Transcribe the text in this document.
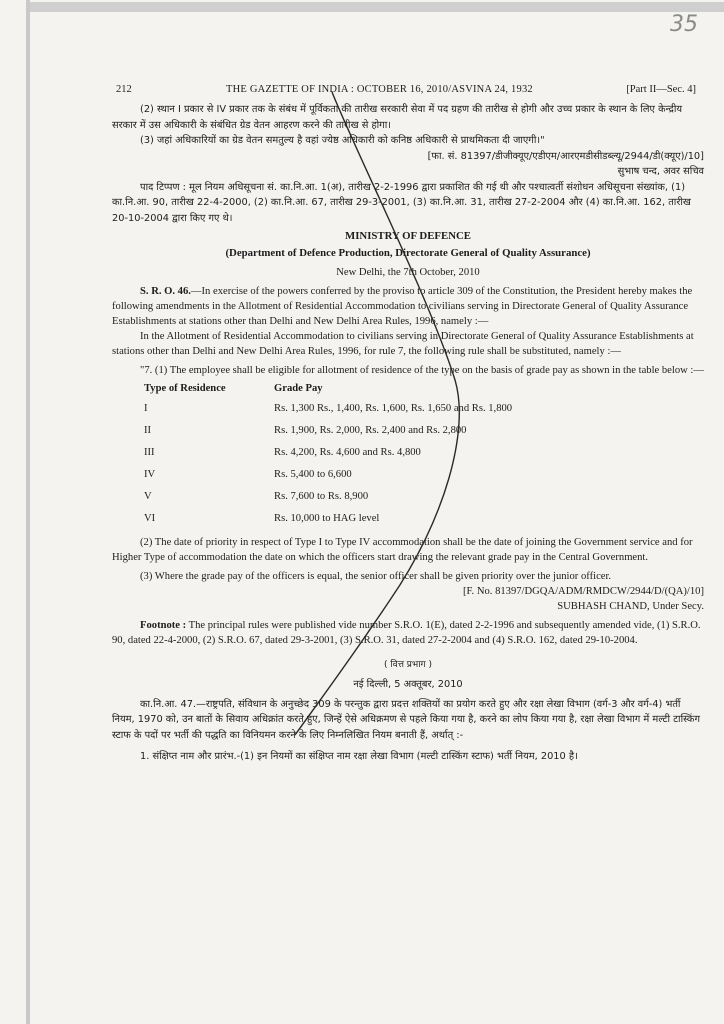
35
212	THE GAZETTE OF INDIA : OCTOBER 16, 2010/ASVINA 24, 1932	[Part II—Sec. 4]

(2) स्थान I प्रकार से IV प्रकार तक के संबंध में पूर्विकता की तारीख सरकारी सेवा में पद ग्रहण की तारीख से होगी और उच्च प्रकार के स्थान के लिए केन्द्रीय सरकार में उस अधिकारी के संबंधित ग्रेड वेतन आहरण करने की तारीख से होगा।

(3) जहां अधिकारियों का ग्रेड वेतन समतुल्य है वहां ज्येष्ठ अधिकारी को कनिष्ठ अधिकारी से प्राथमिकता दी जाएगी।"

[फा. सं. 81397/डीजीक्यूए/एडीएम/आरएमडीसीडब्ल्यू/2944/डी(क्यूए)/10]

सुभाष चन्द, अवर सचिव

पाद टिप्पण : मूल नियम अधिसूचना सं. का.नि.आ. 1(अ), तारीख 2-2-1996 द्वारा प्रकाशित की गई थी और पश्चात्वर्ती संशोधन अधिसूचना संख्यांक, (1) का.नि.आ. 90, तारीख 22-4-2000, (2) का.नि.आ. 67, तारीख 29-3-2001, (3) का.नि.आ. 31, तारीख 27-2-2004 और (4) का.नि.आ. 162, तारीख 20-10-2004 द्वारा किए गए थे।

MINISTRY OF DEFENCE

(Department of Defence Production, Directorate General of Quality Assurance)

New Delhi, the 7th October, 2010

S. R. O. 46.—In exercise of the powers conferred by the proviso to article 309 of the Constitution, the President hereby makes the following amendments in the Allotment of Residential Accommodation to civilians serving in Directorate General of Quality Assurance Establishments at stations other than Delhi and New Delhi Area Rules, 1996, namely :—

In the Allotment of Residential Accommodation to civilians serving in Directorate General of Quality Assurance Establishments at stations other than Delhi and New Delhi Area Rules, 1996, for rule 7, the following rule shall be substituted, namely :—

"7. (1) The employee shall be eligible for allotment of residence of the type on the basis of grade pay as shown in the table below :—

Type of Residence	Grade Pay
I	Rs. 1,300 Rs., 1,400, Rs. 1,600, Rs. 1,650 and Rs. 1,800
II	Rs. 1,900, Rs. 2,000, Rs. 2,400 and Rs. 2,800
III	Rs. 4,200, Rs. 4,600 and Rs. 4,800
IV	Rs. 5,400 to 6,600
V	Rs. 7,600 to Rs. 8,900
VI	Rs. 10,000 to HAG level

(2) The date of priority in respect of Type I to Type IV accommodation shall be the date of joining the Government service and for Higher Type of accommodation the date on which the officers start drawing the relevant grade pay in the Central Government.

(3) Where the grade pay of the officers is equal, the senior officer shall be given priority over the junior officer.

[F. No. 81397/DGQA/ADM/RMDCW/2944/D/(QA)/10]

SUBHASH CHAND, Under Secy.

Footnote : The principal rules were published vide number S.R.O. 1(E), dated 2-2-1996 and subsequently amended vide, (1) S.R.O. 90, dated 22-4-2000, (2) S.R.O. 67, dated 29-3-2001, (3) S.R.O. 31, dated 27-2-2004 and (4) S.R.O. 162, dated 29-10-2004.

( वित्त प्रभाग )

नई दिल्ली, 5 अक्तूबर, 2010

का.नि.आ. 47.—राष्ट्रपति, संविधान के अनुच्छेद 309 के परन्तुक द्वारा प्रदत्त शक्तियों का प्रयोग करते हुए और रक्षा लेखा विभाग (वर्ग-3 और वर्ग-4) भर्ती नियम, 1970 को, उन बातों के सिवाय अधिक्रांत करते हुए, जिन्हें ऐसे अधिक्रमण से पहले किया गया है, करने का लोप किया गया है, रक्षा लेखा विभाग में मल्टी टास्किंग स्टाफ के पदों पर भर्ती की पद्धति का विनियमन करने के लिए निम्नलिखित नियम बनाती हैं, अर्थात् :-

1. संक्षिप्त नाम और प्रारंभ.-(1) इन नियमों का संक्षिप्त नाम रक्षा लेखा विभाग (मल्टी टास्किंग स्टाफ) भर्ती नियम, 2010 है।
